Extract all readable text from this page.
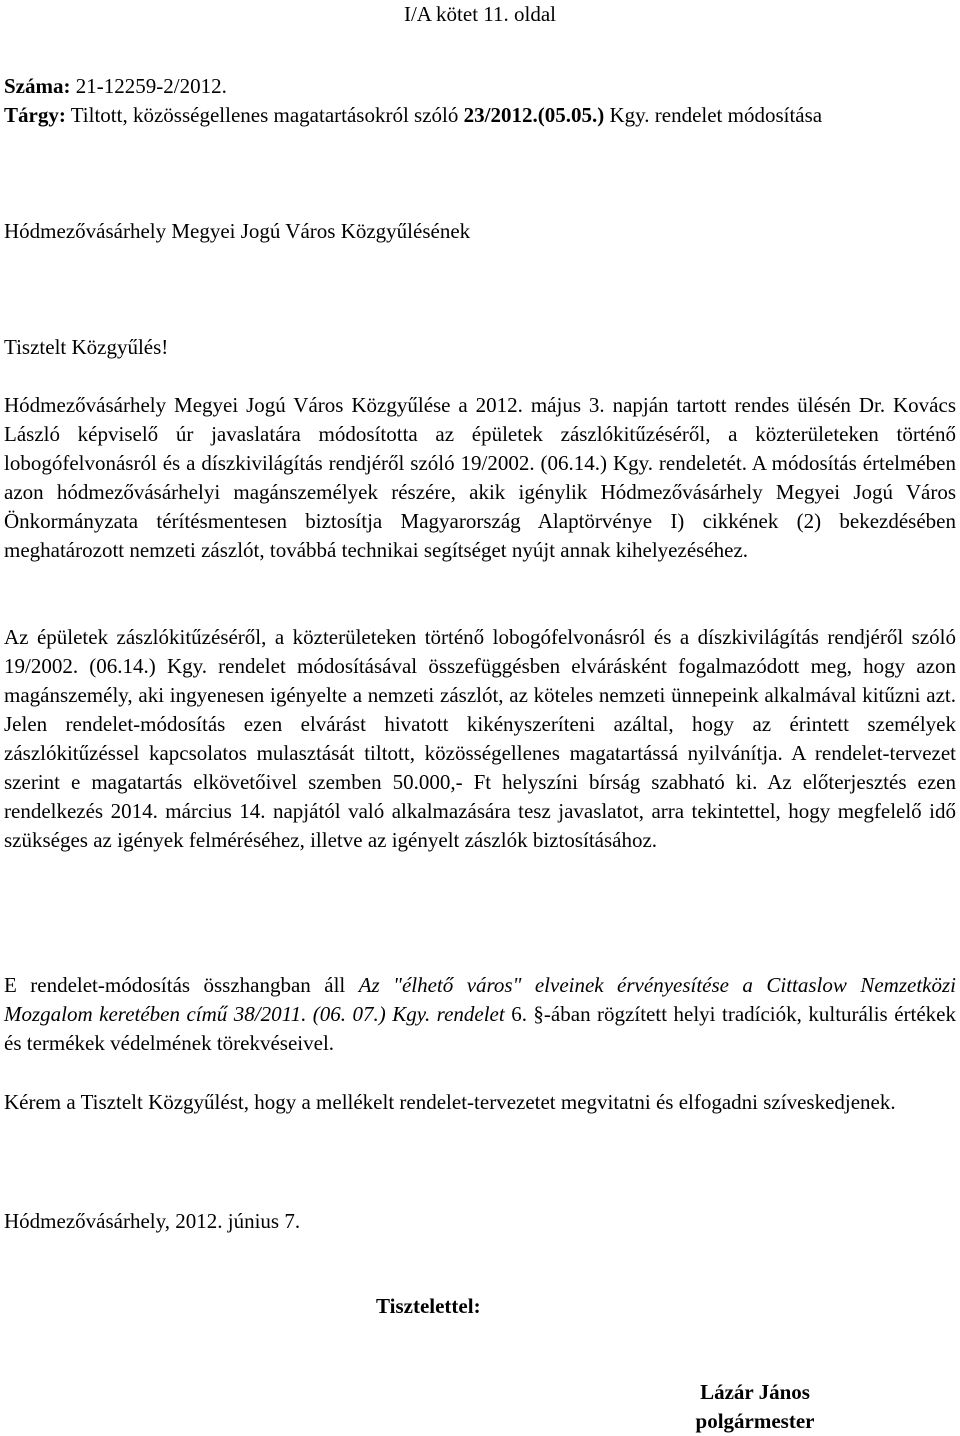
I/A kötet 11. oldal

Száma: 21-12259-2/2012.

Tárgy: Tiltott, közösségellenes magatartásokról szóló 23/2012.(05.05.) Kgy. rendelet módosítása

Hódmezővásárhely Megyei Jogú Város Közgyűlésének

Tisztelt Közgyűlés!

Hódmezővásárhely Megyei Jogú Város Közgyűlése a 2012. május 3. napján tartott rendes ülésén Dr. Kovács László képviselő úr javaslatára módosította az épületek zászlókitűzéséről, a közterületeken történő lobogófelvonásról és a díszkivilágítás rendjéről szóló 19/2002. (06.14.) Kgy. rendeletét. A módosítás értelmében azon hódmezővásárhelyi magánszemélyek részére, akik igénylik Hódmezővásárhely Megyei Jogú Város Önkormányzata térítésmentesen biztosítja Magyarország Alaptörvénye I) cikkének (2) bekezdésében meghatározott nemzeti zászlót, továbbá technikai segítséget nyújt annak kihelyezéséhez.

Az épületek zászlókitűzéséről, a közterületeken történő lobogófelvonásról és a díszkivilágítás rendjéről szóló 19/2002. (06.14.) Kgy. rendelet módosításával összefüggésben elvárásként fogalmazódott meg, hogy azon magánszemély, aki ingyenesen igényelte a nemzeti zászlót, az köteles nemzeti ünnepeink alkalmával kitűzni azt. Jelen rendelet-módosítás ezen elvárást hivatott kikényszeríteni azáltal, hogy az érintett személyek zászlókitűzéssel kapcsolatos mulasztását tiltott, közösségellenes magatartássá nyilvánítja. A rendelet-tervezet szerint e magatartás elkövetőivel szemben 50.000,- Ft helyszíni bírság szabható ki. Az előterjesztés ezen rendelkezés 2014. március 14. napjától való alkalmazására tesz javaslatot, arra tekintettel, hogy megfelelő idő szükséges az igények felméréséhez, illetve az igényelt zászlók biztosításához.

E rendelet-módosítás összhangban áll Az "élhető város" elveinek érvényesítése a Cittaslow Nemzetközi Mozgalom keretében című 38/2011. (06. 07.) Kgy. rendelet 6. §-ában rögzített helyi tradíciók, kulturális értékek és termékek védelmének törekvéseivel.

Kérem a Tisztelt Közgyűlést, hogy a mellékelt rendelet-tervezetet megvitatni és elfogadni szíveskedjenek.

Hódmezővásárhely, 2012. június 7.

Tisztelettel:

Lázár János
polgármester
